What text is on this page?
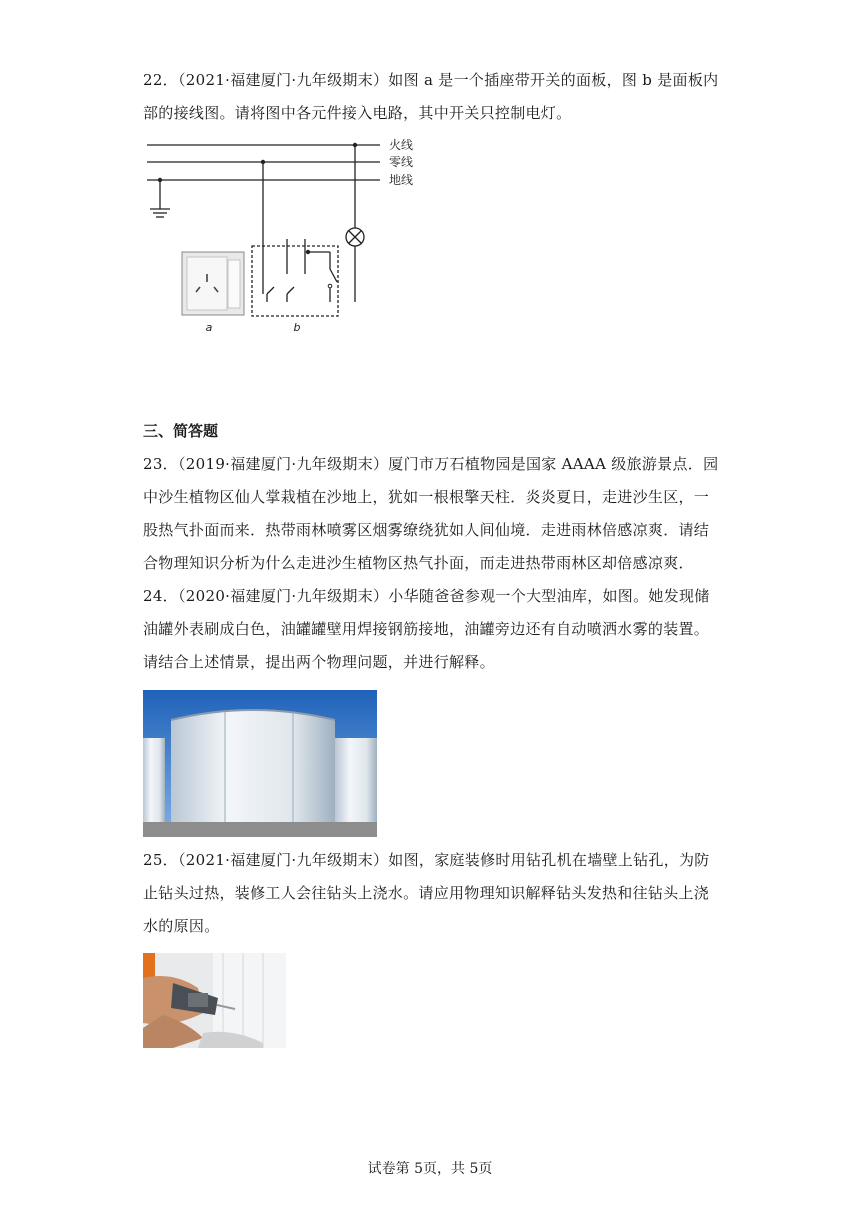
22．（2021·福建厦门·九年级期末）如图 a 是一个插座带开关的面板，图 b 是面板内部的接线图。请将图中各元件接入电路，其中开关只控制电灯。

火线
零线
地线
a	b
三、简答题

23．（2019·福建厦门·九年级期末）厦门市万石植物园是国家 AAAA 级旅游景点．园中沙生植物区仙人掌栽植在沙地上，犹如一根根擎天柱．炎炎夏日，走进沙生区，一股热气扑面而来．热带雨林喷雾区烟雾缭绕犹如人间仙境．走进雨林倍感凉爽．请结合物理知识分析为什么走进沙生植物区热气扑面，而走进热带雨林区却倍感凉爽．

24．（2020·福建厦门·九年级期末）小华随爸爸参观一个大型油库，如图。她发现储油罐外表刷成白色，油罐罐壁用焊接钢筋接地，油罐旁边还有自动喷洒水雾的装置。请结合上述情景，提出两个物理问题，并进行解释。

25．（2021·福建厦门·九年级期末）如图，家庭装修时用钻孔机在墙壁上钻孔，为防止钻头过热，装修工人会往钻头上浇水。请应用物理知识解释钻头发热和往钻头上浇水的原因。

试卷第 5页，共 5页
